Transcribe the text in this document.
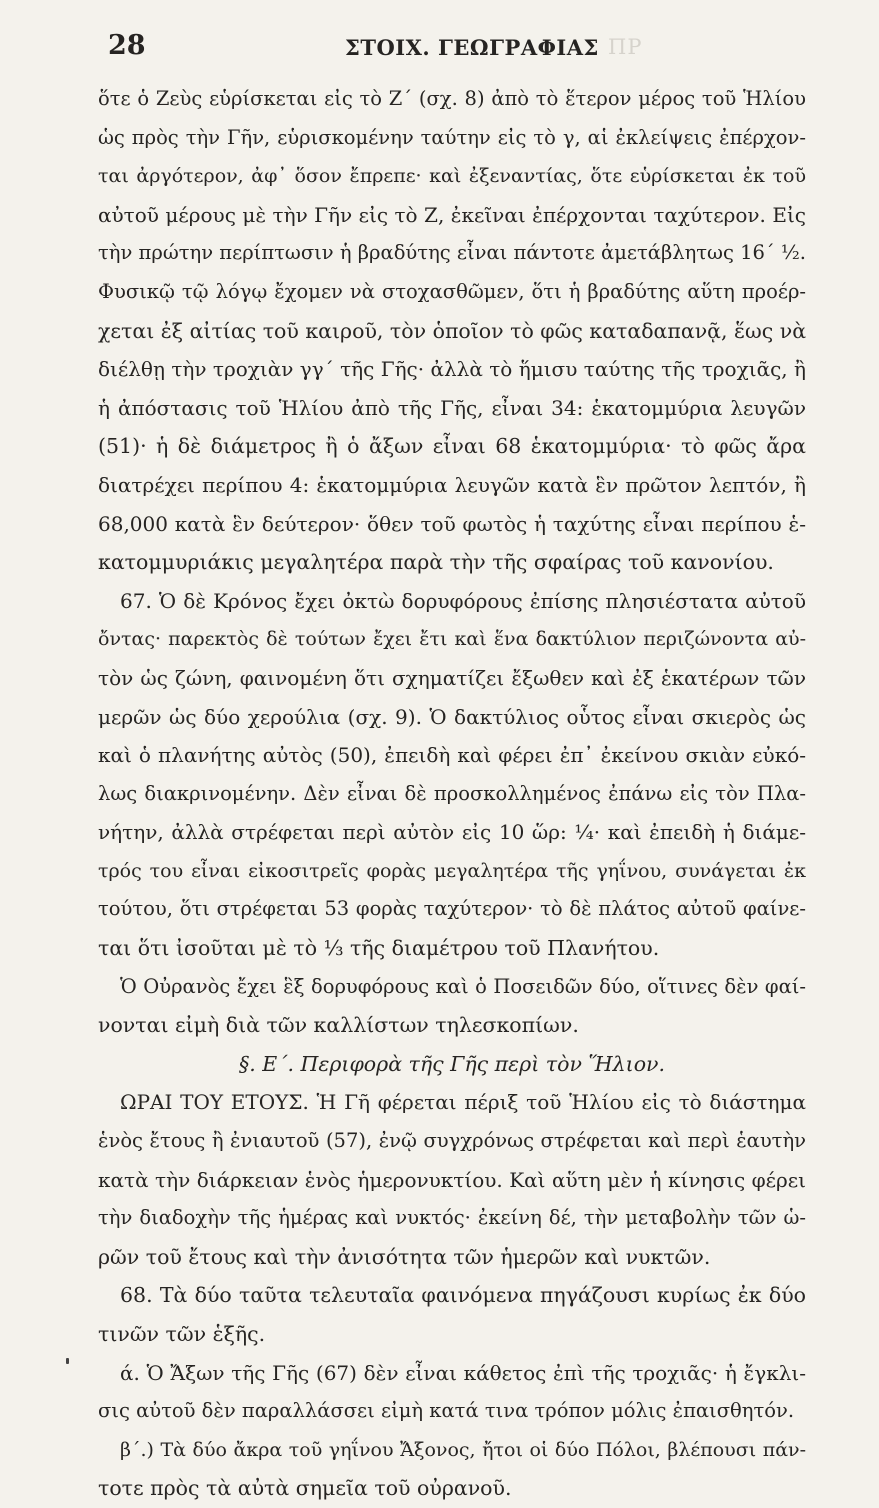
28	ΣΤΟΙΧ. ΓΕΩΓΡΑΦΙΑΣ ΠΡ
ὅτε ὁ Ζεὺς εὑρίσκεται εἰς τὸ Ζ΄ (σχ. 8) ἀπὸ τὸ ἕτερον μέρος τοῦ Ἡλίου
ὡς πρὸς τὴν Γῆν, εὑρισκομένην ταύτην εἰς τὸ γ, αἱ ἐκλείψεις ἐπέρχον-
ται ἀργότερον, ἀφ᾽ ὅσον ἔπρεπε· καὶ ἐξεναντίας, ὅτε εὑρίσκεται ἐκ τοῦ
αὐτοῦ μέρους μὲ τὴν Γῆν εἰς τὸ Ζ, ἐκεῖναι ἐπέρχονται ταχύτερον. Εἰς
τὴν πρώτην περίπτωσιν ἡ βραδύτης εἶναι πάντοτε ἀμετάβλητως 16΄ ½.
Φυσικῷ τῷ λόγῳ ἔχομεν νὰ στοχασθῶμεν, ὅτι ἡ βραδύτης αὕτη προέρ-
χεται ἐξ αἰτίας τοῦ καιροῦ, τὸν ὁποῖον τὸ φῶς καταδαπανᾷ, ἕως νὰ
διέλθῃ τὴν τροχιὰν γγ΄ τῆς Γῆς· ἀλλὰ τὸ ἥμισυ ταύτης τῆς τροχιᾶς, ἢ
ἡ ἀπόστασις τοῦ Ἡλίου ἀπὸ τῆς Γῆς, εἶναι 34: ἑκατομμύρια λευγῶν
(51)· ἡ δὲ διάμετρος ἢ ὁ ἄξων εἶναι 68 ἑκατομμύρια· τὸ φῶς ἄρα
διατρέχει περίπου 4: ἑκατομμύρια λευγῶν κατὰ ἓν πρῶτον λεπτόν, ἢ
68,000 κατὰ ἓν δεύτερον· ὅθεν τοῦ φωτὸς ἡ ταχύτης εἶναι περίπου ἑ-
κατομμυριάκις μεγαλητέρα παρὰ τὴν τῆς σφαίρας τοῦ κανονίου.
67. Ὁ δὲ Κρόνος ἔχει ὀκτὼ δορυφόρους ἐπίσης πλησιέστατα αὐτοῦ
ὄντας· παρεκτὸς δὲ τούτων ἔχει ἔτι καὶ ἕνα δακτύλιον περιζώνοντα αὐ-
τὸν ὡς ζώνη, φαινομένη ὅτι σχηματίζει ἔξωθεν καὶ ἐξ ἑκατέρων τῶν
μερῶν ὡς δύο χερούλια (σχ. 9). Ὁ δακτύλιος οὗτος εἶναι σκιερὸς ὡς
καὶ ὁ πλανήτης αὐτὸς (50), ἐπειδὴ καὶ φέρει ἐπ᾽ ἐκείνου σκιὰν εὐκό-
λως διακρινομένην. Δὲν εἶναι δὲ προσκολλημένος ἐπάνω εἰς τὸν Πλα-
νήτην, ἀλλὰ στρέφεται περὶ αὐτὸν εἰς 10 ὥρ: ¼· καὶ ἐπειδὴ ἡ διάμε-
τρός του εἶναι εἰκοσιτρεῖς φορὰς μεγαλητέρα τῆς γηΐνου, συνάγεται ἐκ
τούτου, ὅτι στρέφεται 53 φορὰς ταχύτερον· τὸ δὲ πλάτος αὐτοῦ φαίνε-
ται ὅτι ἰσοῦται μὲ τὸ ⅓ τῆς διαμέτρου τοῦ Πλανήτου.
Ὁ Οὐρανὸς ἔχει ἓξ δορυφόρους καὶ ὁ Ποσειδῶν δύο, οἵτινες δὲν φαί-
νονται εἰμὴ διὰ τῶν καλλίστων τηλεσκοπίων.
§. Ε΄. Περιφορὰ τῆς Γῆς περὶ τὸν Ἥλιον.
ΩΡΑΙ ΤΟΥ ΕΤΟΥΣ. Ἡ Γῆ φέρεται πέριξ τοῦ Ἡλίου εἰς τὸ διάστημα
ἑνὸς ἔτους ἢ ἐνιαυτοῦ (57), ἐνῷ συγχρόνως στρέφεται καὶ περὶ ἑαυτὴν
κατὰ τὴν διάρκειαν ἑνὸς ἡμερονυκτίου. Καὶ αὕτη μὲν ἡ κίνησις φέρει
τὴν διαδοχὴν τῆς ἡμέρας καὶ νυκτός· ἐκείνη δέ, τὴν μεταβολὴν τῶν ὡ-
ρῶν τοῦ ἔτους καὶ τὴν ἀνισότητα τῶν ἡμερῶν καὶ νυκτῶν.
68. Τὰ δύο ταῦτα τελευταῖα φαινόμενα πηγάζουσι κυρίως ἐκ δύο
τινῶν τῶν ἑξῆς.
ά. Ὁ Ἄξων τῆς Γῆς (67) δὲν εἶναι κάθετος ἐπὶ τῆς τροχιᾶς· ἡ ἔγκλι-
σις αὐτοῦ δὲν παραλλάσσει εἰμὴ κατά τινα τρόπον μόλις ἐπαισθητόν.
β΄.) Τὰ δύο ἄκρα τοῦ γηΐνου Ἄξονος, ἤτοι οἱ δύο Πόλοι, βλέπουσι πάν-
τοτε πρὸς τὰ αὐτὰ σημεῖα τοῦ οὐρανοῦ.
